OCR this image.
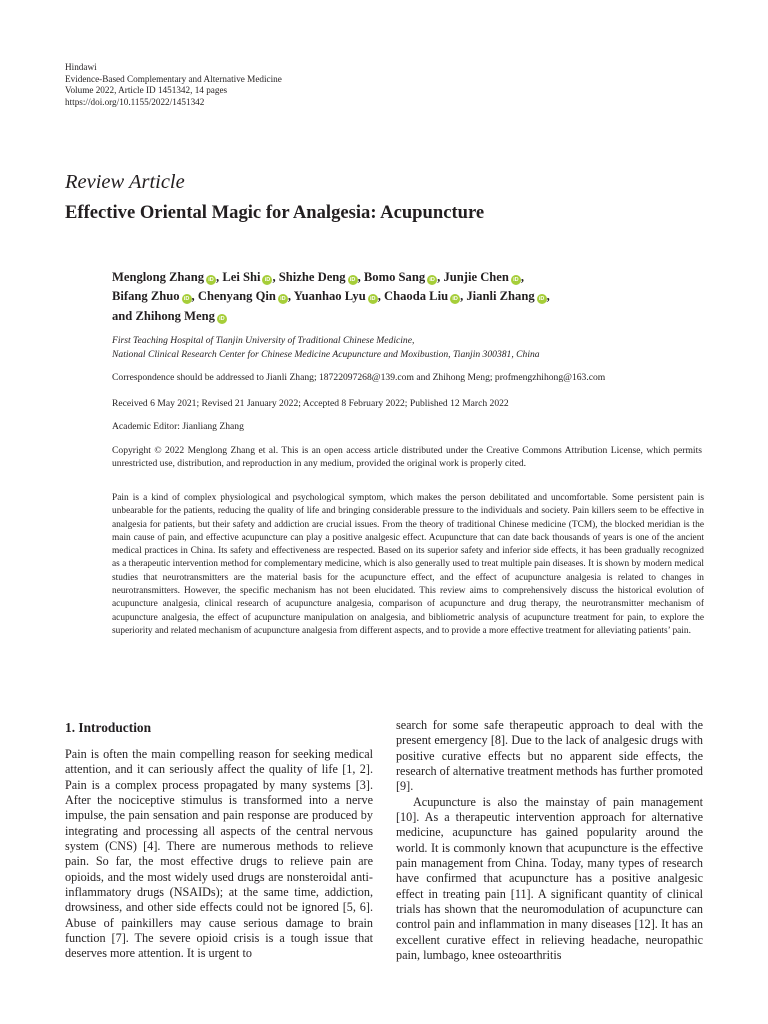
Hindawi
Evidence-Based Complementary and Alternative Medicine
Volume 2022, Article ID 1451342, 14 pages
https://doi.org/10.1155/2022/1451342
Review Article
Effective Oriental Magic for Analgesia: Acupuncture
Menglong Zhang iD , Lei Shi iD , Shizhe Deng iD , Bomo Sang iD , Junjie Chen iD ,
Bifang Zhuo iD , Chenyang Qin iD , Yuanhao Lyu iD , Chaoda Liu iD , Jianli Zhang iD ,
and Zhihong Meng iD
First Teaching Hospital of Tianjin University of Traditional Chinese Medicine,
National Clinical Research Center for Chinese Medicine Acupuncture and Moxibustion, Tianjin 300381, China
Correspondence should be addressed to Jianli Zhang; 18722097268@139.com and Zhihong Meng; profmengzhihong@163.com
Received 6 May 2021; Revised 21 January 2022; Accepted 8 February 2022; Published 12 March 2022
Academic Editor: Jianliang Zhang
Copyright © 2022 Menglong Zhang et al. This is an open access article distributed under the Creative Commons Attribution License, which permits unrestricted use, distribution, and reproduction in any medium, provided the original work is properly cited.
Pain is a kind of complex physiological and psychological symptom, which makes the person debilitated and uncomfortable. Some persistent pain is unbearable for the patients, reducing the quality of life and bringing considerable pressure to the individuals and society. Pain killers seem to be effective in analgesia for patients, but their safety and addiction are crucial issues. From the theory of traditional Chinese medicine (TCM), the blocked meridian is the main cause of pain, and effective acupuncture can play a positive analgesic effect. Acupuncture that can date back thousands of years is one of the ancient medical practices in China. Its safety and effectiveness are respected. Based on its superior safety and inferior side effects, it has been gradually recognized as a therapeutic intervention method for complementary medicine, which is also generally used to treat multiple pain diseases. It is shown by modern medical studies that neurotransmitters are the material basis for the acupuncture effect, and the effect of acupuncture analgesia is related to changes in neurotransmitters. However, the specific mechanism has not been elucidated. This review aims to comprehensively discuss the historical evolution of acupuncture analgesia, clinical research of acupuncture analgesia, comparison of acupuncture and drug therapy, the neurotransmitter mechanism of acupuncture analgesia, the effect of acupuncture manipulation on analgesia, and bibliometric analysis of acupuncture treatment for pain, to explore the superiority and related mechanism of acupuncture analgesia from different aspects, and to provide a more effective treatment for alleviating patients’ pain.
1. Introduction

Pain is often the main compelling reason for seeking medical attention, and it can seriously affect the quality of life [1, 2]. Pain is a complex process propagated by many systems [3]. After the nociceptive stimulus is transformed into a nerve impulse, the pain sensation and pain response are produced by integrating and processing all aspects of the central nervous system (CNS) [4]. There are numerous methods to relieve pain. So far, the most effective drugs to relieve pain are opioids, and the most widely used drugs are nonsteroidal anti-inflammatory drugs (NSAIDs); at the same time, addiction, drowsiness, and other side effects could not be ignored [5, 6]. Abuse of painkillers may cause serious damage to brain function [7]. The severe opioid crisis is a tough issue that deserves more attention. It is urgent to

search for some safe therapeutic approach to deal with the present emergency [8]. Due to the lack of analgesic drugs with positive curative effects but no apparent side effects, the research of alternative treatment methods has further promoted [9].

Acupuncture is also the mainstay of pain management [10]. As a therapeutic intervention approach for alternative medicine, acupuncture has gained popularity around the world. It is commonly known that acupuncture is the effective pain management from China. Today, many types of research have confirmed that acupuncture has a positive analgesic effect in treating pain [11]. A significant quantity of clinical trials has shown that the neuromodulation of acupuncture can control pain and inflammation in many diseases [12]. It has an excellent curative effect in relieving headache, neuropathic pain, lumbago, knee osteoarthritis
